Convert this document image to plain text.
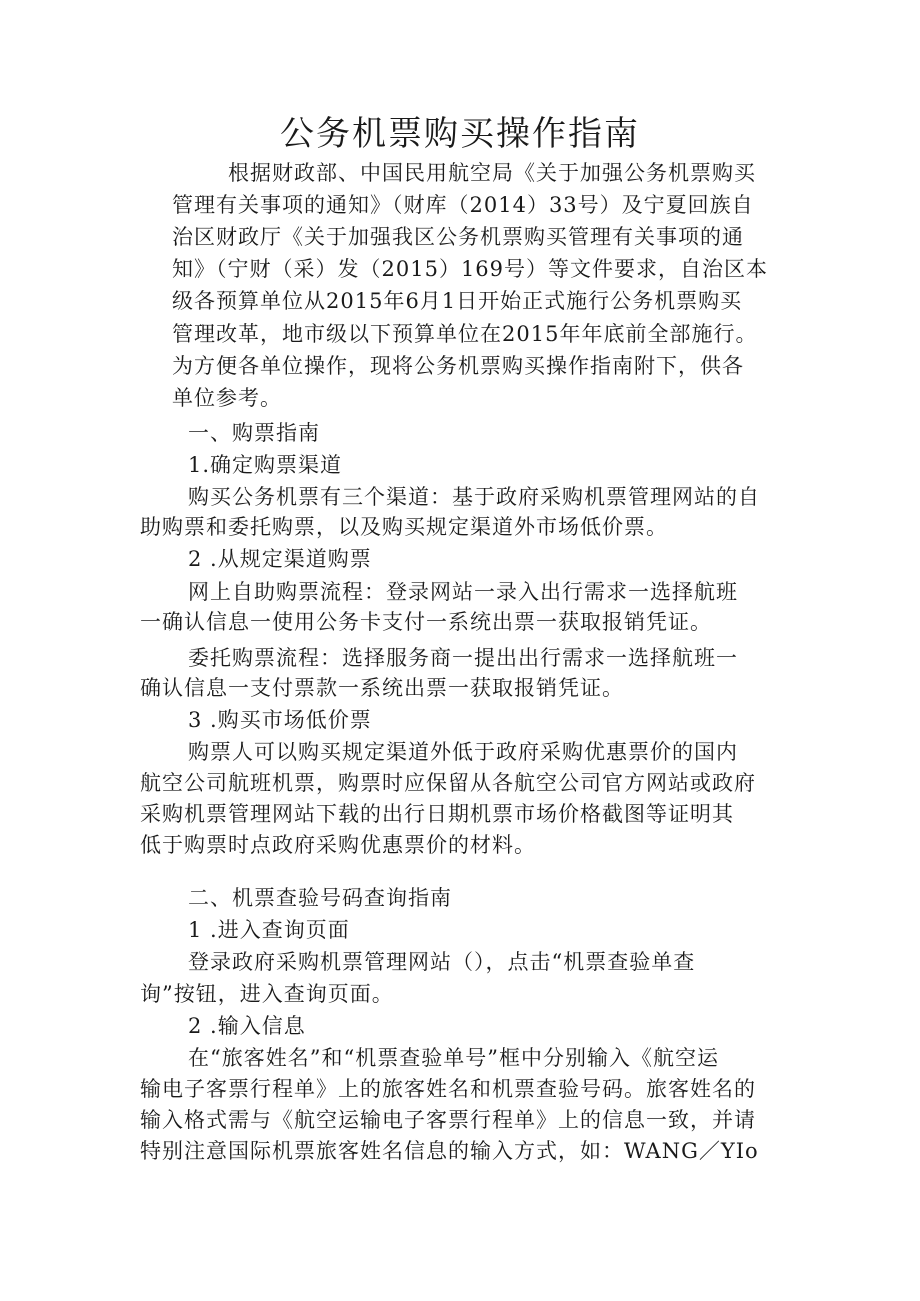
公务机票购买操作指南
根据财政部、中国民用航空局《关于加强公务机票购买
管理有关事项的通知》（财库（2014）33号）及宁夏回族自
治区财政厅《关于加强我区公务机票购买管理有关事项的通
知》（宁财（采）发（2015）169号）等文件要求，自治区本
级各预算单位从2015年6月1日开始正式施行公务机票购买
管理改革，地市级以下预算单位在2015年年底前全部施行。
为方便各单位操作，现将公务机票购买操作指南附下，供各
单位参考。
一、购票指南
1.确定购票渠道
购买公务机票有三个渠道：基于政府采购机票管理网站的自
助购票和委托购票，以及购买规定渠道外市场低价票。
2 .从规定渠道购票
网上自助购票流程：登录网站一录入出行需求一选择航班
一确认信息一使用公务卡支付一系统出票一获取报销凭证。
委托购票流程：选择服务商一提出出行需求一选择航班一
确认信息一支付票款一系统出票一获取报销凭证。
3 .购买市场低价票
购票人可以购买规定渠道外低于政府采购优惠票价的国内
航空公司航班机票，购票时应保留从各航空公司官方网站或政府
采购机票管理网站下载的出行日期机票市场价格截图等证明其
低于购票时点政府采购优惠票价的材料。
二、机票查验号码查询指南
1 .进入查询页面
登录政府采购机票管理网站（），点击“机票查验单查
询”按钮，进入查询页面。
2 .输入信息
在“旅客姓名”和“机票查验单号”框中分别输入《航空运
输电子客票行程单》上的旅客姓名和机票查验号码。旅客姓名的
输入格式需与《航空运输电子客票行程单》上的信息一致，并请
特别注意国际机票旅客姓名信息的输入方式，如：WANG／YIo
